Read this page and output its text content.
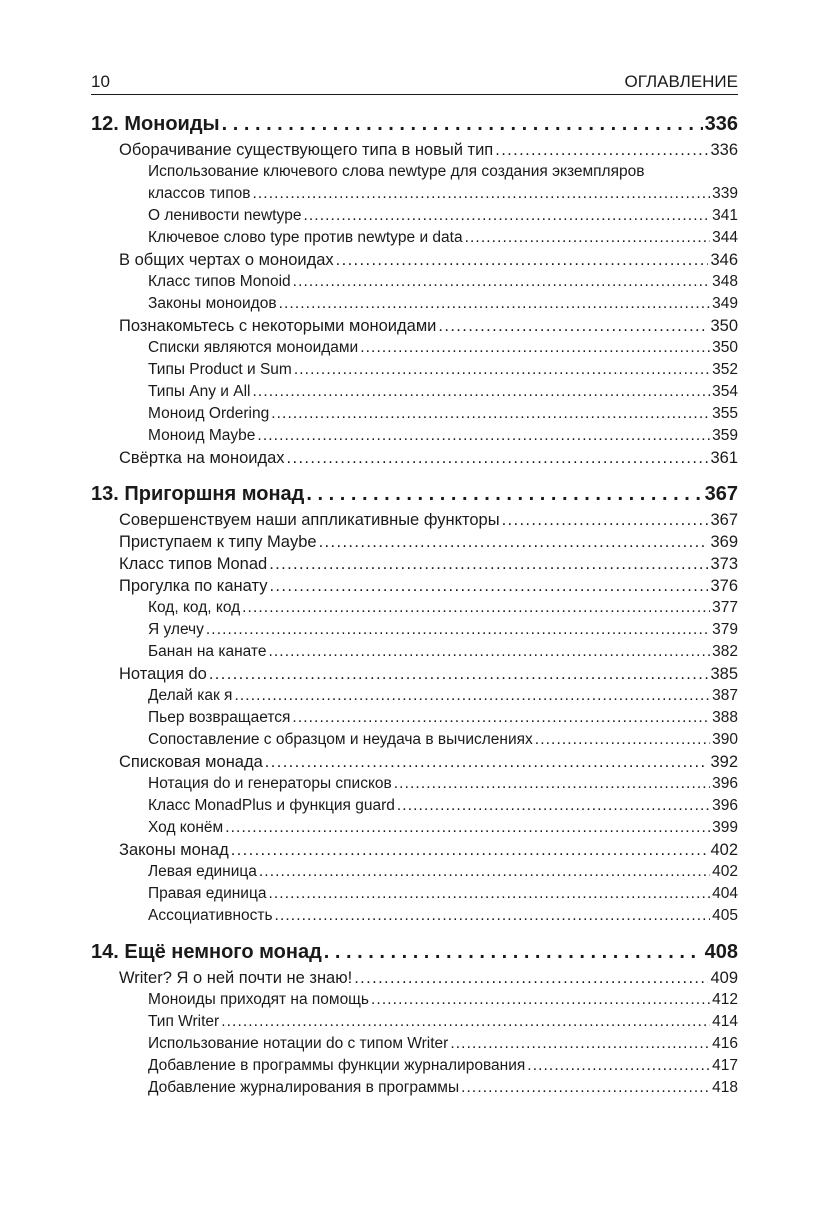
10	ОГЛАВЛЕНИЕ
12. Моноиды . . .	336
Оборачивание существующего типа в новый тип . . .	336
Использование ключевого слова newtype для создания экземпляров
классов типов . . .	339
О ленивости newtype . . .	341
Ключевое слово type против newtype и data . . .	344
В общих чертах о моноидах . . .	346
Класс типов Monoid . . .	348
Законы моноидов . . .	349
Познакомьтесь с некоторыми моноидами . . .	350
Списки являются моноидами . . .	350
Типы Product и Sum . . .	352
Типы Any и All . . .	354
Моноид Ordering . . .	355
Моноид Maybe . . .	359
Свёртка на моноидах . . .	361
13. Пригоршня монад . . .	367
Совершенствуем наши аппликативные функторы . . .	367
Приступаем к типу Maybe . . .	369
Класс типов Monad . . .	373
Прогулка по канату . . .	376
Код, код, код . . .	377
Я улечу . . .	379
Банан на канате . . .	382
Нотация do . . .	385
Делай как я . . .	387
Пьер возвращается . . .	388
Сопоставление с образцом и неудача в вычислениях . . .	390
Списковая монада . . .	392
Нотация do и генераторы списков . . .	396
Класс MonadPlus и функция guard . . .	396
Ход конём . . .	399
Законы монад . . .	402
Левая единица . . .	402
Правая единица . . .	404
Ассоциативность . . .	405
14. Ещё немного монад . . .	408
Writer? Я о ней почти не знаю! . . .	409
Моноиды приходят на помощь . . .	412
Тип Writer . . .	414
Использование нотации do с типом Writer . . .	416
Добавление в программы функции журналирования . . .	417
Добавление журналирования в программы . . .	418
